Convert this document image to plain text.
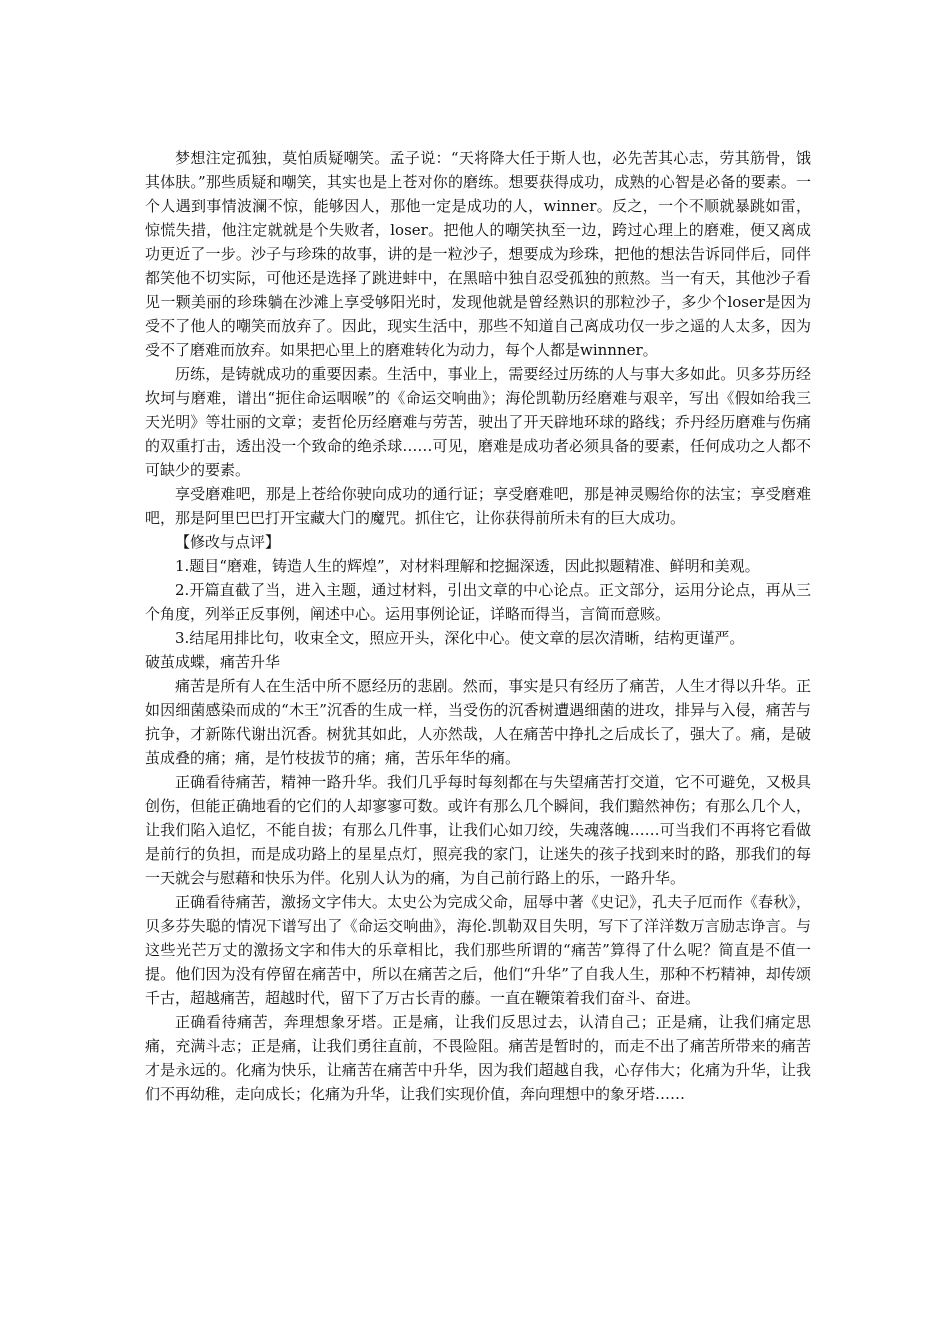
梦想注定孤独，莫怕质疑嘲笑。孟子说：“天将降大任于斯人也，必先苦其心志，劳其筋骨，饿其体肤。”那些质疑和嘲笑，其实也是上苍对你的磨练。想要获得成功，成熟的心智是必备的要素。一个人遇到事情波澜不惊，能够因人，那他一定是成功的人，winner。反之，一个不顺就暴跳如雷，惊慌失措，他注定就就是个失败者，loser。把他人的嘲笑执至一边，跨过心理上的磨难，便又离成功更近了一步。沙子与珍珠的故事，讲的是一粒沙子，想要成为珍珠，把他的想法告诉同伴后，同伴都笑他不切实际，可他还是选择了跳进蚌中，在黑暗中独自忍受孤独的煎熬。当一有天，其他沙子看见一颗美丽的珍珠躺在沙滩上享受够阳光时，发现他就是曾经熟识的那粒沙子，多少个loser是因为受不了他人的嘲笑而放弃了。因此，现实生活中，那些不知道自己离成功仅一步之遥的人太多，因为受不了磨难而放弃。如果把心里上的磨难转化为动力，每个人都是winnner。

历练，是铸就成功的重要因素。生活中，事业上，需要经过历练的人与事大多如此。贝多芬历经坎坷与磨难，谱出“扼住命运咽喉”的《命运交响曲》；海伦凯勒历经磨难与艰辛，写出《假如给我三天光明》等壮丽的文章；麦哲伦历经磨难与劳苦，驶出了开天辟地环球的路线；乔丹经历磨难与伤痛的双重打击，透出没一个致命的绝杀球……可见，磨难是成功者必须具备的要素，任何成功之人都不可缺少的要素。

享受磨难吧，那是上苍给你驶向成功的通行证；享受磨难吧，那是神灵赐给你的法宝；享受磨难吧，那是阿里巴巴打开宝藏大门的魔咒。抓住它，让你获得前所未有的巨大成功。

【修改与点评】

1.题目“磨难，铸造人生的辉煌”，对材料理解和挖掘深透，因此拟题精准、鲜明和美观。

2.开篇直截了当，进入主题，通过材料，引出文章的中心论点。正文部分，运用分论点，再从三个角度，列举正反事例，阐述中心。运用事例论证，详略而得当，言简而意赅。

3.结尾用排比句，收束全文，照应开头，深化中心。使文章的层次清晰，结构更谨严。

破茧成蝶，痛苦升华

痛苦是所有人在生活中所不愿经历的悲剧。然而，事实是只有经历了痛苦，人生才得以升华。正如因细菌感染而成的“木王”沉香的生成一样，当受伤的沉香树遭遇细菌的进攻，排异与入侵，痛苦与抗争，才新陈代谢出沉香。树犹其如此，人亦然哉，人在痛苦中挣扎之后成长了，强大了。痛，是破茧成叠的痛；痛，是竹枝拔节的痛；痛，苦乐年华的痛。

正确看待痛苦，精神一路升华。我们几乎每时每刻都在与失望痛苦打交道，它不可避免，又极具创伤，但能正确地看的它们的人却寥寥可数。或许有那么几个瞬间，我们黯然神伤；有那么几个人，让我们陷入追忆，不能自拔；有那么几件事，让我们心如刀绞，失魂落魄……可当我们不再将它看做是前行的负担，而是成功路上的星星点灯，照亮我的家门，让迷失的孩子找到来时的路，那我们的每一天就会与慰藉和快乐为伴。化别人认为的痛，为自己前行路上的乐，一路升华。

正确看待痛苦，激扬文字伟大。太史公为完成父命，屈辱中著《史记》，孔夫子厄而作《春秋》，贝多芬失聪的情况下谱写出了《命运交响曲》，海伦.凯勒双目失明，写下了洋洋数万言励志诤言。与这些光芒万丈的激扬文字和伟大的乐章相比，我们那些所谓的“痛苦”算得了什么呢？简直是不值一提。他们因为没有停留在痛苦中，所以在痛苦之后，他们“升华”了自我人生，那种不朽精神，却传颂千古，超越痛苦，超越时代，留下了万古长青的藤。一直在鞭策着我们奋斗、奋进。

正确看待痛苦，奔理想象牙塔。正是痛，让我们反思过去，认清自己；正是痛，让我们痛定思痛，充满斗志；正是痛，让我们勇往直前，不畏险阻。痛苦是暂时的，而走不出了痛苦所带来的痛苦才是永远的。化痛为快乐，让痛苦在痛苦中升华，因为我们超越自我，心存伟大；化痛为升华，让我们不再幼稚，走向成长；化痛为升华，让我们实现价值，奔向理想中的象牙塔……
